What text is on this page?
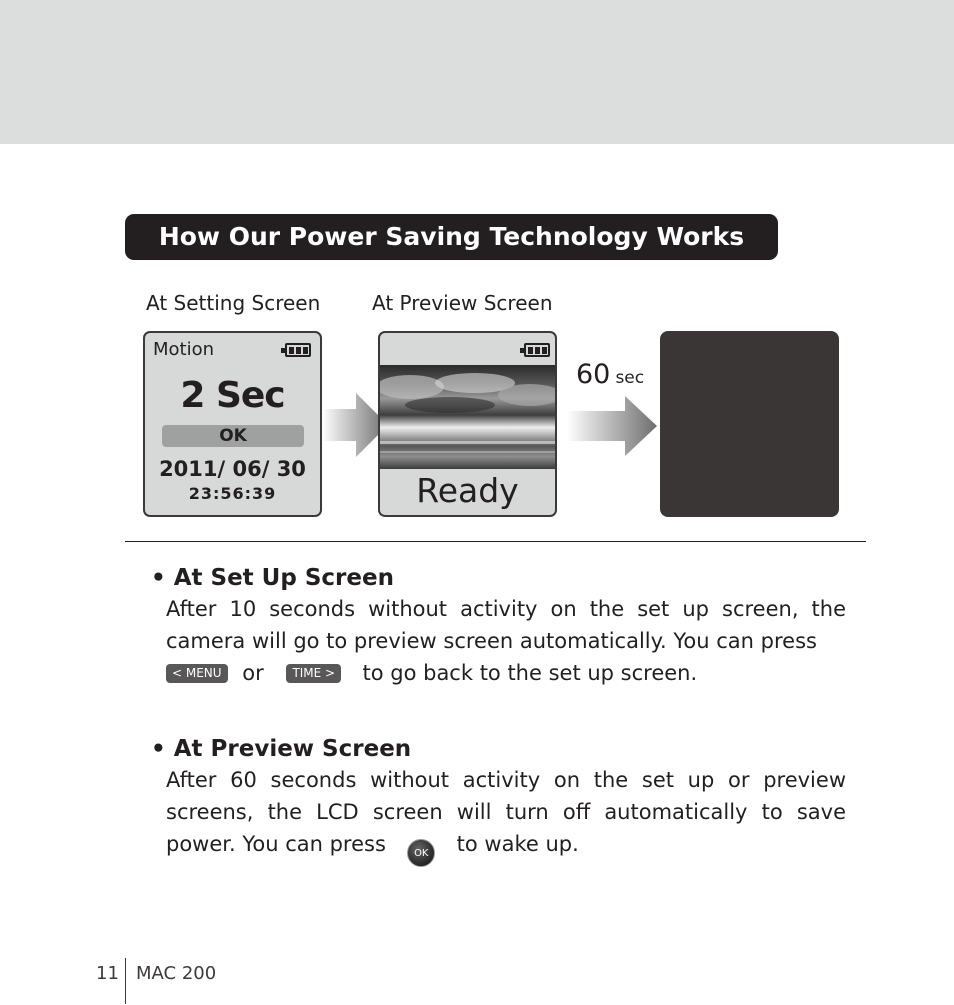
How Our Power Saving Technology Works
At Setting Screen	At Preview Screen
Motion
2 Sec
OK
2011/ 06/ 30
23:56:39	Ready
60 sec
• At Set Up Screen
After 10 seconds without activity on the set up screen, the
camera will go to preview screen automatically. You can press
< MENU or TIME > to go back to the set up screen.
• At Preview Screen
After 60 seconds without activity on the set up or preview
screens, the LCD screen will turn off automatically to save
power. You can press	OK to wake up.
11 MAC 200
